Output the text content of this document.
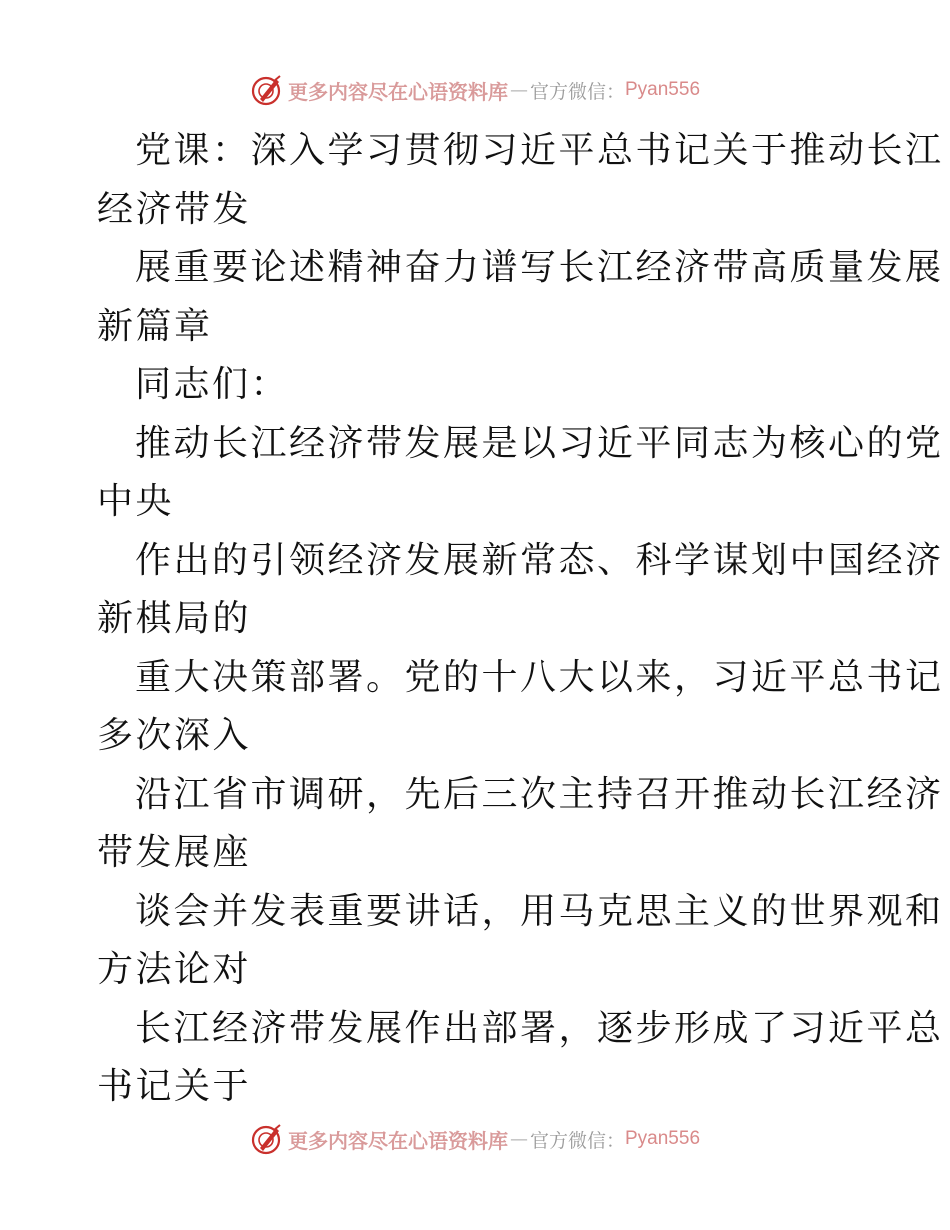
更多内容尽在心语资料库 — 官方微信： Pyan556
党课：深入学习贯彻习近平总书记关于推动长江
经济带发
展重要论述精神奋力谱写长江经济带高质量发展
新篇章
同志们：
推动长江经济带发展是以习近平同志为核心的党
中央
作出的引领经济发展新常态、科学谋划中国经济
新棋局的
重大决策部署。党的十八大以来，习近平总书记
多次深入
沿江省市调研，先后三次主持召开推动长江经济
带发展座
谈会并发表重要讲话，用马克思主义的世界观和
方法论对
长江经济带发展作出部署，逐步形成了习近平总
书记关于
更多内容尽在心语资料库 — 官方微信： Pyan556
